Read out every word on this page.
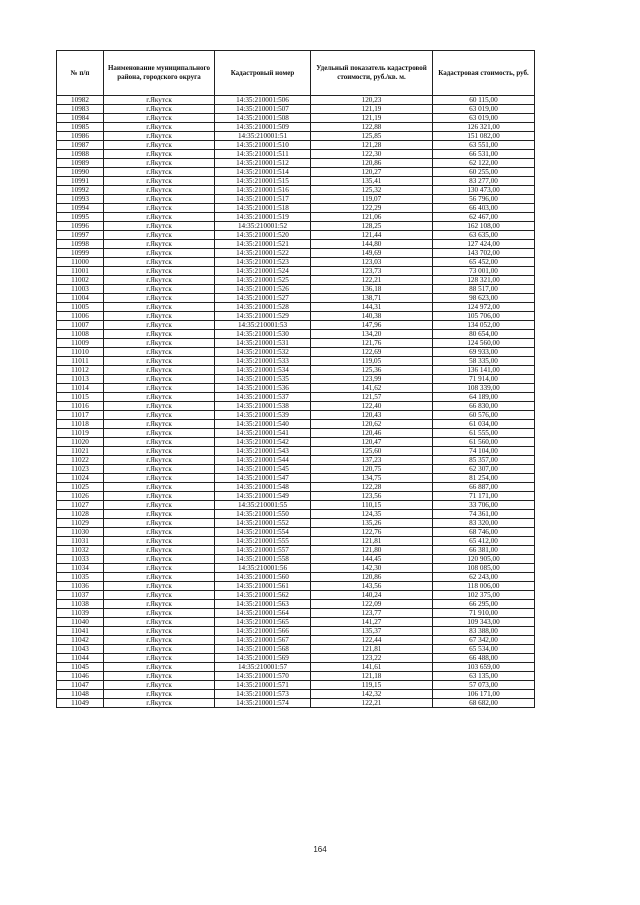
№ п/п	Наименование муниципального района, городского округа	Кадастровый номер	Удельный показатель кадастровой стоимости, руб./кв. м.	Кадастровая стоимость, руб.
10982	г.Якутск	14:35:210001:506	120,23	60 115,00
10983	г.Якутск	14:35:210001:507	121,19	63 019,00
10984	г.Якутск	14:35:210001:508	121,19	63 019,00
10985	г.Якутск	14:35:210001:509	122,88	126 321,00
10986	г.Якутск	14:35:210001:51	125,85	151 082,00
10987	г.Якутск	14:35:210001:510	121,28	63 551,00
10988	г.Якутск	14:35:210001:511	122,30	66 531,00
10989	г.Якутск	14:35:210001:512	120,86	62 122,00
10990	г.Якутск	14:35:210001:514	120,27	60 255,00
10991	г.Якутск	14:35:210001:515	135,41	83 277,00
10992	г.Якутск	14:35:210001:516	125,32	130 473,00
10993	г.Якутск	14:35:210001:517	119,07	56 796,00
10994	г.Якутск	14:35:210001:518	122,29	66 403,00
10995	г.Якутск	14:35:210001:519	121,06	62 467,00
10996	г.Якутск	14:35:210001:52	128,25	162 108,00
10997	г.Якутск	14:35:210001:520	121,44	63 635,00
10998	г.Якутск	14:35:210001:521	144,80	127 424,00
10999	г.Якутск	14:35:210001:522	149,69	143 702,00
11000	г.Якутск	14:35:210001:523	123,03	65 452,00
11001	г.Якутск	14:35:210001:524	123,73	73 001,00
11002	г.Якутск	14:35:210001:525	122,21	128 321,00
11003	г.Якутск	14:35:210001:526	136,18	88 517,00
11004	г.Якутск	14:35:210001:527	138,71	98 623,00
11005	г.Якутск	14:35:210001:528	144,31	124 972,00
11006	г.Якутск	14:35:210001:529	140,38	105 706,00
11007	г.Якутск	14:35:210001:53	147,96	134 052,00
11008	г.Якутск	14:35:210001:530	134,20	80 654,00
11009	г.Якутск	14:35:210001:531	121,76	124 560,00
11010	г.Якутск	14:35:210001:532	122,69	69 933,00
11011	г.Якутск	14:35:210001:533	119,05	58 335,00
11012	г.Якутск	14:35:210001:534	125,36	136 141,00
11013	г.Якутск	14:35:210001:535	123,99	71 914,00
11014	г.Якутск	14:35:210001:536	141,62	108 339,00
11015	г.Якутск	14:35:210001:537	121,57	64 189,00
11016	г.Якутск	14:35:210001:538	122,40	66 830,00
11017	г.Якутск	14:35:210001:539	120,43	60 576,00
11018	г.Якутск	14:35:210001:540	120,62	61 034,00
11019	г.Якутск	14:35:210001:541	120,46	61 555,00
11020	г.Якутск	14:35:210001:542	120,47	61 560,00
11021	г.Якутск	14:35:210001:543	125,60	74 104,00
11022	г.Якутск	14:35:210001:544	137,23	85 357,00
11023	г.Якутск	14:35:210001:545	120,75	62 307,00
11024	г.Якутск	14:35:210001:547	134,75	81 254,00
11025	г.Якутск	14:35:210001:548	122,28	66 887,00
11026	г.Якутск	14:35:210001:549	123,56	71 171,00
11027	г.Якутск	14:35:210001:55	110,15	33 706,00
11028	г.Якутск	14:35:210001:550	124,35	74 361,00
11029	г.Якутск	14:35:210001:552	135,26	83 320,00
11030	г.Якутск	14:35:210001:554	122,76	68 746,00
11031	г.Якутск	14:35:210001:555	121,81	65 412,00
11032	г.Якутск	14:35:210001:557	121,80	66 381,00
11033	г.Якутск	14:35:210001:558	144,45	120 905,00
11034	г.Якутск	14:35:210001:56	142,30	108 085,00
11035	г.Якутск	14:35:210001:560	120,86	62 243,00
11036	г.Якутск	14:35:210001:561	143,56	118 006,00
11037	г.Якутск	14:35:210001:562	140,24	102 375,00
11038	г.Якутск	14:35:210001:563	122,09	66 295,00
11039	г.Якутск	14:35:210001:564	123,77	71 910,00
11040	г.Якутск	14:35:210001:565	141,27	109 343,00
11041	г.Якутск	14:35:210001:566	135,37	83 388,00
11042	г.Якутск	14:35:210001:567	122,44	67 342,00
11043	г.Якутск	14:35:210001:568	121,81	65 534,00
11044	г.Якутск	14:35:210001:569	123,22	66 488,00
11045	г.Якутск	14:35:210001:57	141,61	103 659,00
11046	г.Якутск	14:35:210001:570	121,18	63 135,00
11047	г.Якутск	14:35:210001:571	119,15	57 073,00
11048	г.Якутск	14:35:210001:573	142,32	106 171,00
11049	г.Якутск	14:35:210001:574	122,21	68 682,00
164
